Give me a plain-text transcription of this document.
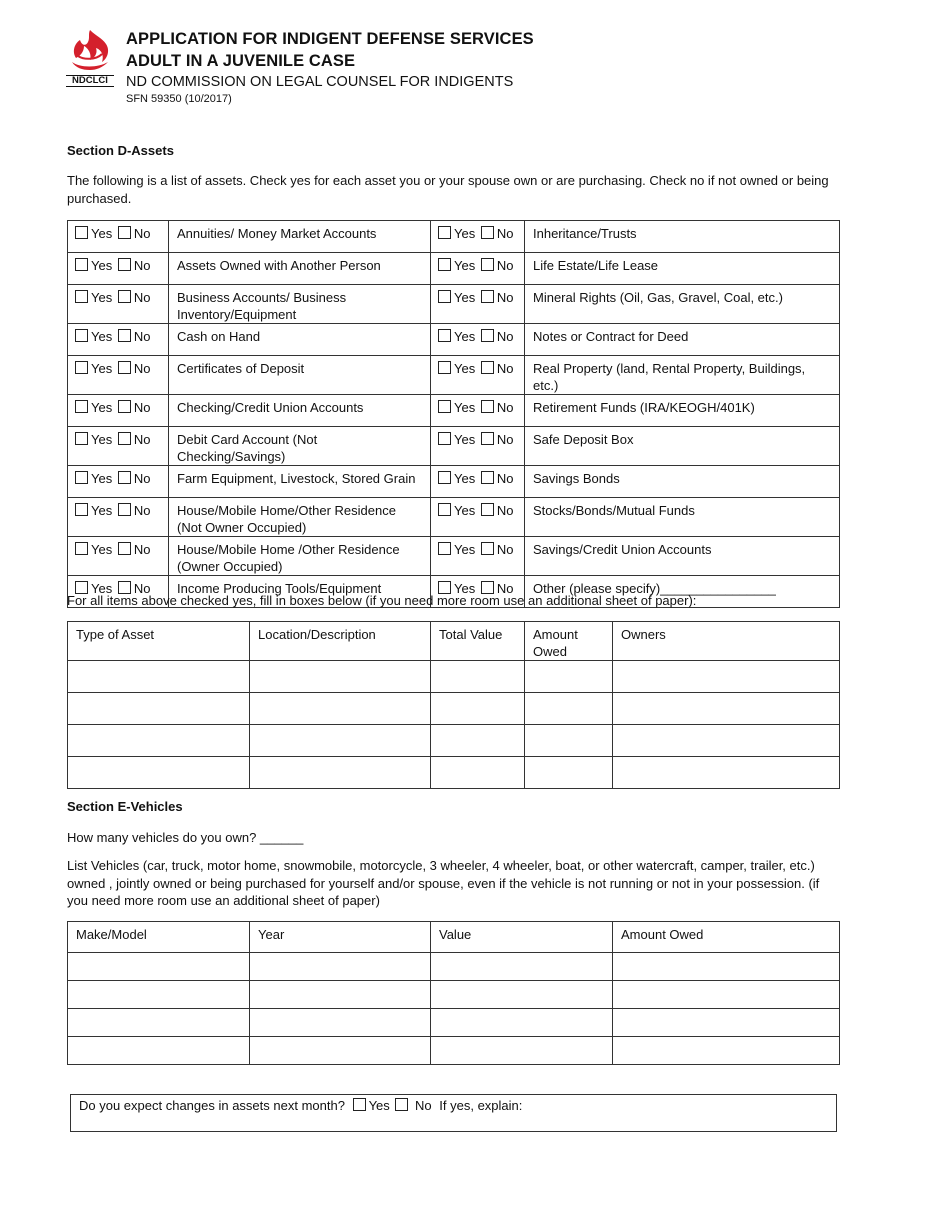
NDCLCI
APPLICATION FOR INDIGENT DEFENSE SERVICES
ADULT IN A JUVENILE CASE
ND COMMISSION ON LEGAL COUNSEL FOR INDIGENTS
SFN 59350 (10/2017)
Section D-Assets
The following is a list of assets. Check yes for each asset you or your spouse own or are purchasing. Check no if not owned or being purchased.
Yes No	Annuities/ Money Market Accounts	Yes No	Inheritance/Trusts
Yes No	Assets Owned with Another Person	Yes No	Life Estate/Life Lease
Yes No	Business Accounts/ Business Inventory/Equipment	Yes No	Mineral Rights (Oil, Gas, Gravel, Coal, etc.)
Yes No	Cash on Hand	Yes No	Notes or Contract for Deed
Yes No	Certificates of Deposit	Yes No	Real Property (land, Rental Property, Buildings, etc.)
Yes No	Checking/Credit Union Accounts	Yes No	Retirement Funds (IRA/KEOGH/401K)
Yes No	Debit Card Account (Not Checking/Savings)	Yes No	Safe Deposit Box
Yes No	Farm Equipment, Livestock, Stored Grain	Yes No	Savings Bonds
Yes No	House/Mobile Home/Other Residence (Not Owner Occupied)	Yes No	Stocks/Bonds/Mutual Funds
Yes No	House/Mobile Home /Other Residence (Owner Occupied)	Yes No	Savings/Credit Union Accounts
Yes No	Income Producing Tools/Equipment	Yes No	Other (please specify)________________
For all items above checked yes, fill in boxes below (if you need more room use an additional sheet of paper):
Type of Asset	Location/Description	Total Value	Amount Owed	Owners

Section E-Vehicles
How many vehicles do you own? ______
List Vehicles (car, truck, motor home, snowmobile, motorcycle, 3 wheeler, 4 wheeler, boat, or other watercraft, camper, trailer, etc.) owned , jointly owned or being purchased for yourself and/or spouse, even if the vehicle is not running or not in your possession. (if you need more room use an additional sheet of paper)
Make/Model	Year	Value	Amount Owed

Do you expect changes in assets next month? Yes No If yes, explain:
